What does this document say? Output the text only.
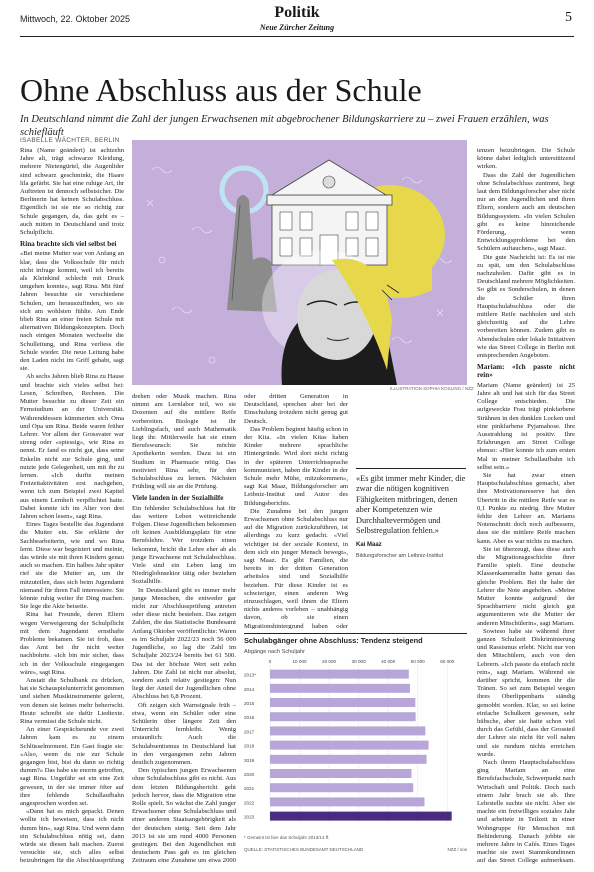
Mittwoch, 22. Oktober 2025	Politik
Neue Zürcher Zeitung
5
Ohne Abschluss aus der Schule
In Deutschland nimmt die Zahl der jungen Erwachsenen mit abgebrochener Bildungskarriere zu – zwei Frauen erzählen, was schiefläuft
ISABELLE WÄCHTER, BERLIN

Rina (Name geändert) ist achtzehn Jahre alt, trägt schwarze Kleidung, mehrere Nietengürtel, die Augenlider sind schwarz geschminkt, die Haare lila gefärbt. Sie hat eine ruhige Art, ihr Auftreten ist dennoch selbstsicher. Die Berlinerin hat keinen Schulabschluss. Eigentlich ist sie nie so richtig zur Schule gegangen, da, das geht es – auch mitten in Deutschland und trotz Schulpflicht.

Rina brachte sich viel selbst bei

«Bei meine Mutter war von Anfang an klar, dass die Volksschule für mich nicht infrage kommt, weil ich bereits als Kleinkind schlecht mit Druck umgehen konnte», sagt Rina. Mit fünf Jahren besuchte sie verschiedene Schulen, um herauszufinden, wo sie sich am wohlsten fühlte. Am Ende blieb Rina an einer freien Schule mit alternativen Bildungskonzepten. Doch nach einigen Monaten wechselte die Schulleitung, und Rina verliess die Schule wieder. Die neue Leitung habe den Laden nicht im Griff gehabt, sagt sie.

Ab sechs Jahren blieb Rina zu Hause und brachte sich vieles selbst bei: Lesen, Schreiben, Rechnen. Die Mutter besuchte zu dieser Zeit ein Fernstudium an der Universität. Währenddessen kümmerten sich Oma und Opa um Rina. Beide waren früher Lehrer. Vor allem der Grossvater war streng oder «spiessig», wie Rina es nennt. Er fand es nicht gut, dass seine Enkelin nicht zur Schule ging, und nutzte jede Gelegenheit, um mit ihr zu lernen. «Ich durfte meinen Freizeitaktivitäten erst nachgehen, wenn ich zum Beispiel zwei Kapitel aus einem Lernheft verpflichtet hatte. Dabei konnte ich im Alter von drei Jahren schon lesen», sagt Rina.

Eines Tages bestellte das Jugendamt die Mutter ein. Sie erklärte der Sachbearbeiterin, wie und wo Rina lernt. Diese war begeistert und meinte, das würde sie mit ihren Kindern genau auch so machen. Ein halbes Jahr später rief sie die Mutter an, um ihr mitzuteilen, dass sich beim Jugendamt niemand für ihren Fall interessiere. Sie könnte ruhig weiter ihr Ding machen. Sie lege die Akte beiseite.

Rina hat Freunde, deren Eltern wegen Verweigerung der Schulpflicht mit dem Jugendamt ernsthafte Probleme bekamen. Sie ist froh, dass das Amt bei ihr nicht weiter nachbohrte. «Ich bin mir sicher, dass ich in der Volksschule eingegangen wäre», sagt Rina.

Anstatt die Schulbank zu drücken, hat sie Schauspielunterricht genommen und sieben Musikinstrumente gelernt, von denen sie keines mehr beherrscht. Heute schreibt sie dafür Liedtexte. Rina vermisst die Schule nicht.

An einer Gesprächsrunde vor zwei Jahren kam es zu einem Schlüsselmoment. Ein Gast fragte sie: «Also, wenn du nie zur Schule gegangen bist, bist du dann so richtig dumm?» Das habe sie enorm getroffen, sagt Rina. Ungefähr sei ein eine Zeit gewesen, in der sie immer öfter auf ihre fehlende Schullaufbahn angesprochen worden sei.

«Dann hat es mich gepackt. Denen wollte ich beweisen, dass ich nicht dumm bin», sagt Rina. Und wenn dann ein Schulabschluss nötig sei, dann würde sie diesen halt machen. Zuerst versuchte sie, sich alles selbst beizubringen für die Abschlussprüfung

ILLUSTRATION SOPHIA KOSLING / NZZ

drehen oder Musik machen. Rina nimmt am Lernlabor teil, wo sie Dozenten auf die mittlere Reife vorbereiten. Biologie ist ihr Lieblingsfach, und auch Mathematik liegt ihr. Mittlerweile hat sie einen Berufswunsch: Sie möchte Apothekerin werden. Dazu ist ein Studium in Pharmazie nötig. Das motiviert Rina sehr, für den Schulabschluss zu lernen. Nächsten Frühling will sie an die Prüfung.

Viele landen in der Sozialhilfe

Ein fehlender Schulabschluss hat für das weitere Leben weitreichende Folgen. Diese Jugendlichen bekommen oft keinen Ausbildungsplatz für eine Berufslehre. Wer trotzdem einen bekommt, bricht die Lehre eher ab als junge Erwachsene mit Schulabschluss. Viele sind ein Leben lang im Niedriglohnsektor tätig oder beziehen Sozialhilfe.

In Deutschland gibt es immer mehr junge Menschen, die entweder gar nicht zur Abschlussprüfung antreten oder diese nicht bestehen. Das zeigen Zahlen, die das Statistische Bundesamt Anfang Oktober veröffentlichte: Waren es im Schuljahr 2022/23 noch 56 000 Jugendliche, so lag die Zahl im Schuljahr 2023/24 bereits bei 61 500. Das ist der höchste Wert seit zehn Jahren. Die Zahl ist nicht nur absolut, sondern auch relativ gestiegen: Nun liegt der Anteil der Jugendlichen ohne Abschluss bei 6,8 Prozent.

Oft zeigen sich Warnsignale früh – etwa, wenn ein Schüler oder eine Schülerin über längere Zeit den Unterricht fernbleibt. Wenig erstaunlich: Auch die Schulabsentismus in Deutschland hat in den vergangenen zehn Jahren deutlich zugenommen.

Den typischen jungen Erwachsenen ohne Schulabschluss gibt es nicht. Aus dem letzten Bildungsbericht geht jedoch hervor, dass die Migration eine Rolle spielt. So wächst die Zahl junger Erwachsener ohne Schulabschluss und einer anderen Staatsangehörigkeit als der deutschen stetig. Seit dem Jahr 2013 ist sie um rund 4000 Personen gestiegen. Bei den Jugendlichen mit deutschem Pass gab es im gleichen Zeitraum eine Zunahme um etwa 2000

oder dritten Generation in Deutschland, sprechen aber bei der Einschulung trotzdem nicht genug gut Deutsch.

Das Problem beginnt häufig schon in der Kita. «In vielen Kitas haben Kinder mehrere sprachliche Hintergründe. Wird dort nicht richtig in der späteren Unterrichtssprache kommuniziert, haben die Kinder in der Schule mehr Mühe, mitzukommen», sagt Kai Maaz, Bildungsforscher am Leibniz-Institut und Autor des Bildungsberichts.

Die Zunahme bei den jungen Erwachsenen ohne Schulabschluss nur auf die Migration zurückzuführen, ist allerdings zu kurz gedacht. «Viel wichtiger ist der soziale Kontext, in dem sich ein junger Mensch bewegt», sagt Maaz. Es gibt Familien, die bereits in der dritten Generation arbeitslos sind und Sozialhilfe beziehen. Für diese Kinder ist es schwieriger, einen anderen Weg einzuschlagen, weil ihnen die Eltern nichts anderes vorleben – unabhängig davon, ob sie einen Migrationshintergrund haben oder

«Es gibt immer mehr Kinder, die zwar die nötigen kognitiven Fähigkeiten mitbringen, denen aber Kompetenzen wie Durchhaltevermögen und Selbstregulation fehlen.»

Kai Maaz
Bildungsforscher am Leibniz-Institut

tenzen beizubringen. Die Schule könne dabei lediglich unterstützend wirken.

Dass die Zahl der Jugendlichen ohne Schulabschluss zunimmt, liegt laut dem Bildungsforscher aber nicht nur an den Jugendlichen und ihren Eltern, sondern auch am deutschen Bildungssystem. «In vielen Schulen gibt es keine hinreichende Förderung, wenn Entwicklungsprobleme bei den Schülern auftauchen», sagt Maaz.

Die gute Nachricht ist: Es ist nie zu spät, um den Schulabschluss nachzuholen. Dafür gibt es in Deutschland mehrere Möglichkeiten. So gibt es Sonderschulen, in denen die Schüler ihren Hauptschulabschluss oder die mittlere Reife nachholen und sich gleichzeitig auf die Lehre vorbereiten können. Zudem gibt es Abendschulen oder lokale Initiativen wie das Street College in Berlin mit entsprechenden Angeboten.

Mariam: «Ich passte nicht rein»

Mariam (Name geändert) ist 25 Jahre alt und hat sich für das Street College entschieden. Die aufgeweckte Frau trägt pinkfarbene Strähnen in den dunklen Locken und eine pinkfarbene Pyjamahose. Ihre Ausstrahlung ist positiv. Ihre Erfahrungen am Street College ebenso: «Hier konnte ich zum ersten Mal in meiner Schullaufbahn ich selbst sein.»

Sie hat zwar einen Hauptschulabschluss gemacht, aber ihre Motivationsreserve hat den Übertritt in die mittlere Reife war es 0,1 Punkte zu niedrig. Ihre Mutter fehlte den Lehrer an. Mariams Notenschnitt doch noch aufbessern, dass sie die mittlere Reife machen kann. Aber es war nichts zu machen.

Sie ist überzeugt, dass diese auch die Migrationsgeschichte ihrer Familie spielt. Eine deutsche Klassenkameradin hatte genau das gleiche Problem. Bei ihr habe der Lehrer die Note angehoben. «Meine Mutter konnte aufgrund der Sprachbarriere nicht gleich gut argumentieren wie die Mutter der anderen Mitschülerin», sagt Mariam.

Sowieso habe sie während ihrer ganzen Schulzeit Diskriminierung und Rassismus erlebt. Nicht nur von den Mitschülern, auch von den Lehrern. «Ich passte da einfach nicht rein», sagt Mariam. Während sie darüber spricht, kommen ihr die Tränen. So sei zum Beispiel wegen ihres Oberlippenbarts ständig gemobbt worden. Klar, so sei keine einfache Schulkern gewesen, sehr hübsche, aber sie hatte schon viel durch das Gefühl, dass der Grossteil der Lehrer sie nicht für voll nahm und sie rundum nichts erreichen wurde.

Nach ihrem Hauptschulabschluss ging Mariam an eine Berufsfachschule, Schwerpunkt nach Wirtschaft und Politik. Doch nach einem Jahr brach sie ab. Ihre Lehrstelle suchte sie nicht. Aber sie machte ein freiwilliges soziales Jahr und arbeitete in Teilzeit in einer Wohngruppe für Menschen mit Behinderung. Danach jobbte sie mehrere Jahre in Cafés. Eines Tages machte sie zwei Stammkundinnen auf das Street College aufmerksam.

Schulabgänger ohne Abschluss: Tendenz steigend
Abgänge nach Schuljahr
0	10 000	20 000	30 000	40 000	50 000	60 000
2013*
2014
2015
2016
2017
2018
2019
2020
2021
2022
2023
* Gemeint ist hier das Schuljahr 2013/14 ff.
QUELLE: STATISTISCHES BUNDESAMT DEUTSCHLAND	NZZ / sos
